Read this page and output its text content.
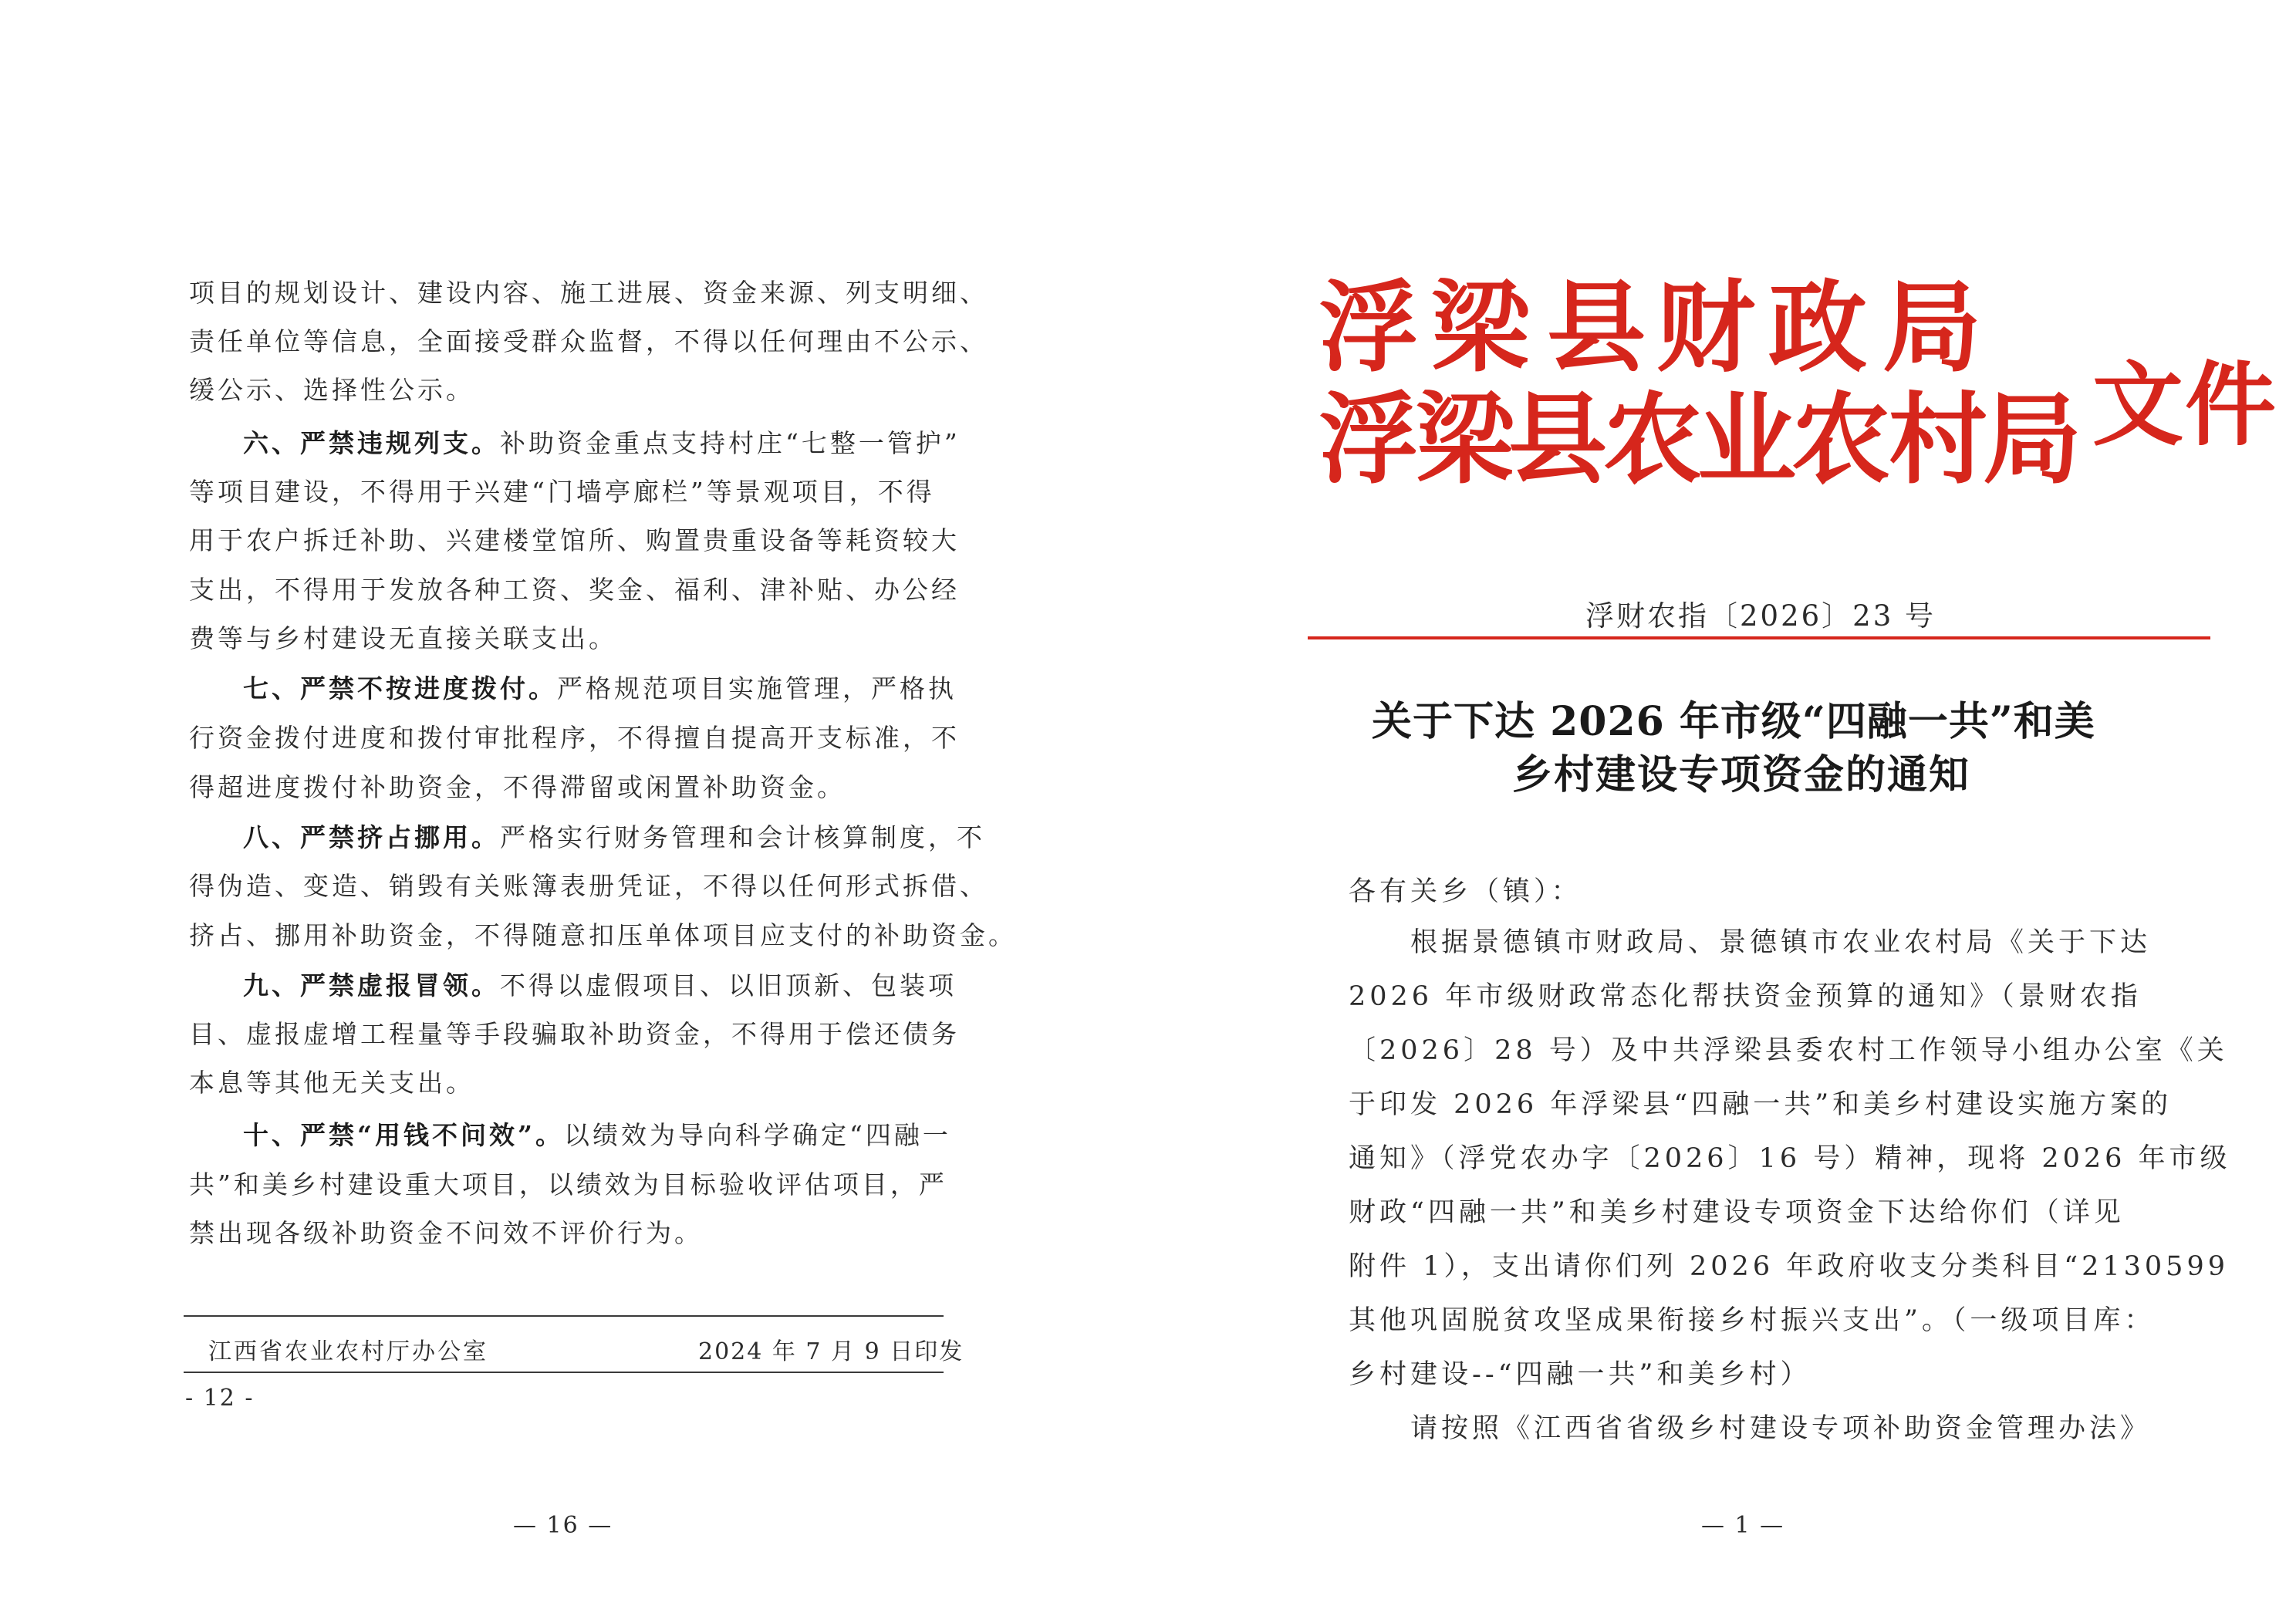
项目的规划设计、建设内容、施工进展、资金来源、列支明细、
责任单位等信息，全面接受群众监督，不得以任何理由不公示、
缓公示、选择性公示。
六、严禁违规列支。补助资金重点支持村庄“七整一管护”
等项目建设，不得用于兴建“门墙亭廊栏”等景观项目，不得
用于农户拆迁补助、兴建楼堂馆所、购置贵重设备等耗资较大
支出，不得用于发放各种工资、奖金、福利、津补贴、办公经
费等与乡村建设无直接关联支出。
七、严禁不按进度拨付。严格规范项目实施管理，严格执
行资金拨付进度和拨付审批程序，不得擅自提高开支标准，不
得超进度拨付补助资金，不得滞留或闲置补助资金。
八、严禁挤占挪用。严格实行财务管理和会计核算制度，不
得伪造、变造、销毁有关账簿表册凭证，不得以任何形式拆借、
挤占、挪用补助资金，不得随意扣压单体项目应支付的补助资金。
九、严禁虚报冒领。不得以虚假项目、以旧顶新、包装项
目、虚报虚增工程量等手段骗取补助资金，不得用于偿还债务
本息等其他无关支出。
十、严禁“用钱不问效”。以绩效为导向科学确定“四融一
共”和美乡村建设重大项目，以绩效为目标验收评估项目，严
禁出现各级补助资金不问效不评价行为。
江西省农业农村厅办公室	2024 年 7 月 9 日印发
- 12 -
— 16 —
浮 梁 县 财 政 局
浮
梁
县
农
业
农
村
局 文件
浮财农指〔2026〕23 号
关于下达 2026 年市级“四融一共”和美
乡村建设专项资金的通知
各有关乡（镇）：
根据景德镇市财政局、景德镇市农业农村局《关于下达
2026 年市级财政常态化帮扶资金预算的通知》（景财农指
〔2026〕28 号）及中共浮梁县委农村工作领导小组办公室《关
于印发 2026 年浮梁县“四融一共”和美乡村建设实施方案的
通知》（浮党农办字〔2026〕16 号）精神，现将 2026 年市级
财政“四融一共”和美乡村建设专项资金下达给你们（详见
附件 1），支出请你们列 2026 年政府收支分类科目“2130599
其他巩固脱贫攻坚成果衔接乡村振兴支出”。（一级项目库：
乡村建设--“四融一共”和美乡村）
请按照《江西省省级乡村建设专项补助资金管理办法》
— 1 —
